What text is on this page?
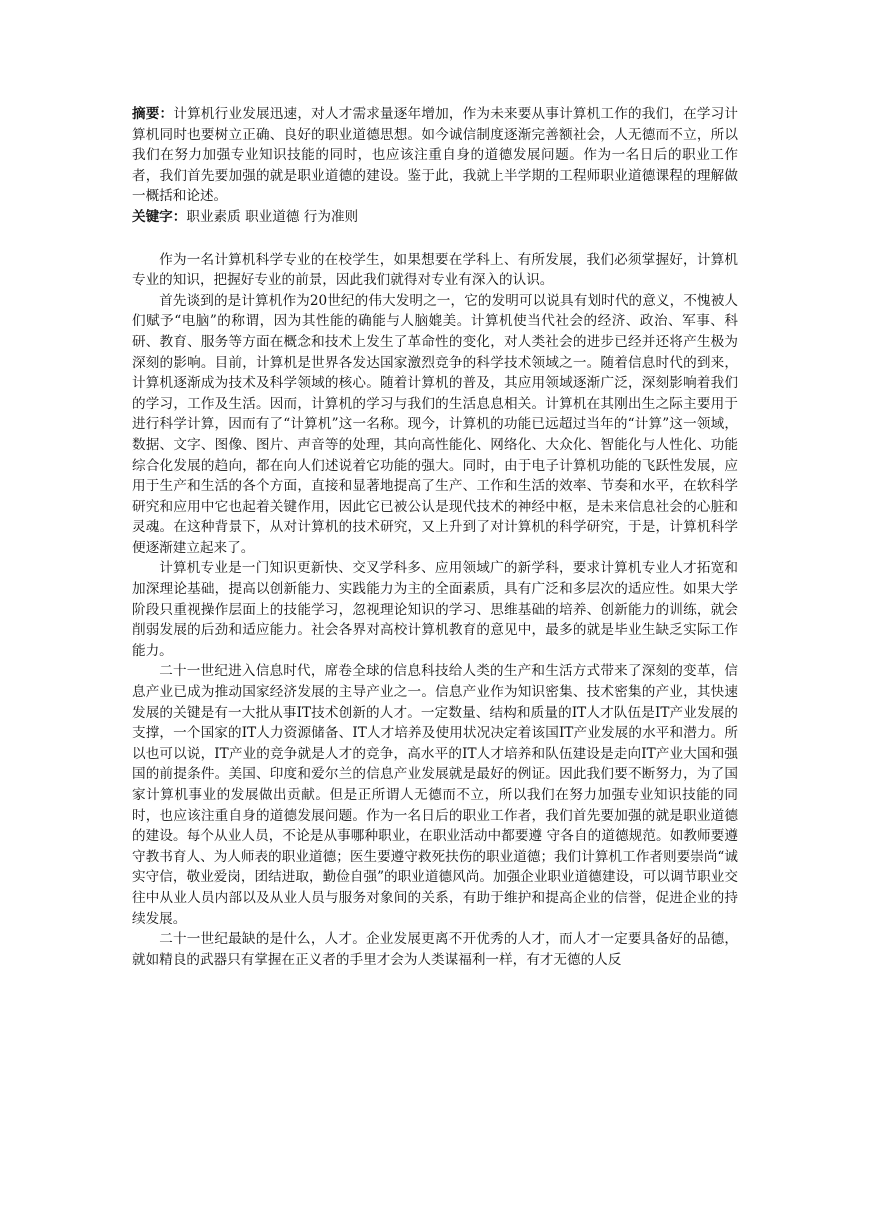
摘要：计算机行业发展迅速，对人才需求量逐年增加，作为未来要从事计算机工作的我们，在学习计算机同时也要树立正确、良好的职业道德思想。如今诚信制度逐渐完善额社会，人无德而不立，所以我们在努力加强专业知识技能的同时，也应该注重自身的道德发展问题。作为一名日后的职业工作者，我们首先要加强的就是职业道德的建设。鉴于此，我就上半学期的工程师职业道德课程的理解做一概括和论述。

关键字：职业素质 职业道德 行为准则

作为一名计算机科学专业的在校学生，如果想要在学科上、有所发展，我们必须掌握好，计算机专业的知识，把握好专业的前景，因此我们就得对专业有深入的认识。

首先谈到的是计算机作为20世纪的伟大发明之一，它的发明可以说具有划时代的意义，不愧被人们赋予“电脑”的称谓，因为其性能的确能与人脑媲美。计算机使当代社会的经济、政治、军事、科研、教育、服务等方面在概念和技术上发生了革命性的变化，对人类社会的进步已经并还将产生极为深刻的影响。目前，计算机是世界各发达国家激烈竞争的科学技术领域之一。随着信息时代的到来，计算机逐渐成为技术及科学领域的核心。随着计算机的普及，其应用领域逐渐广泛，深刻影响着我们的学习，工作及生活。因而，计算机的学习与我们的生活息息相关。计算机在其刚出生之际主要用于进行科学计算，因而有了“计算机”这一名称。现今，计算机的功能已远超过当年的“计算”这一领域，数据、文字、图像、图片、声音等的处理，其向高性能化、网络化、大众化、智能化与人性化、功能综合化发展的趋向，都在向人们述说着它功能的强大。同时，由于电子计算机功能的飞跃性发展，应用于生产和生活的各个方面，直接和显著地提高了生产、工作和生活的效率、节奏和水平，在软科学研究和应用中它也起着关键作用，因此它已被公认是现代技术的神经中枢，是未来信息社会的心脏和灵魂。在这种背景下，从对计算机的技术研究，又上升到了对计算机的科学研究，于是，计算机科学便逐渐建立起来了。

计算机专业是一门知识更新快、交叉学科多、应用领域广的新学科，要求计算机专业人才拓宽和加深理论基础，提高以创新能力、实践能力为主的全面素质，具有广泛和多层次的适应性。如果大学阶段只重视操作层面上的技能学习，忽视理论知识的学习、思维基础的培养、创新能力的训练，就会削弱发展的后劲和适应能力。社会各界对高校计算机教育的意见中，最多的就是毕业生缺乏实际工作能力。

二十一世纪进入信息时代，席卷全球的信息科技给人类的生产和生活方式带来了深刻的变革，信息产业已成为推动国家经济发展的主导产业之一。信息产业作为知识密集、技术密集的产业，其快速发展的关键是有一大批从事IT技术创新的人才。一定数量、结构和质量的IT人才队伍是IT产业发展的支撑，一个国家的IT人力资源储备、IT人才培养及使用状况决定着该国IT产业发展的水平和潜力。所以也可以说，IT产业的竞争就是人才的竞争，高水平的IT人才培养和队伍建设是走向IT产业大国和强国的前提条件。美国、印度和爱尔兰的信息产业发展就是最好的例证。因此我们要不断努力，为了国家计算机事业的发展做出贡献。但是正所谓人无德而不立，所以我们在努力加强专业知识技能的同时，也应该注重自身的道德发展问题。作为一名日后的职业工作者，我们首先要加强的就是职业道德的建设。每个从业人员，不论是从事哪种职业，在职业活动中都要遵 守各自的道德规范。如教师要遵守教书育人、为人师表的职业道德；医生要遵守救死扶伤的职业道德；我们计算机工作者则要崇尚“诚实守信，敬业爱岗，团结进取，勤俭自强”的职业道德风尚。加强企业职业道德建设，可以调节职业交往中从业人员内部以及从业人员与服务对象间的关系，有助于维护和提高企业的信誉，促进企业的持续发展。

二十一世纪最缺的是什么，人才。企业发展更离不开优秀的人才，而人才一定要具备好的品德，就如精良的武器只有掌握在正义者的手里才会为人类谋福利一样，有才无德的人反
